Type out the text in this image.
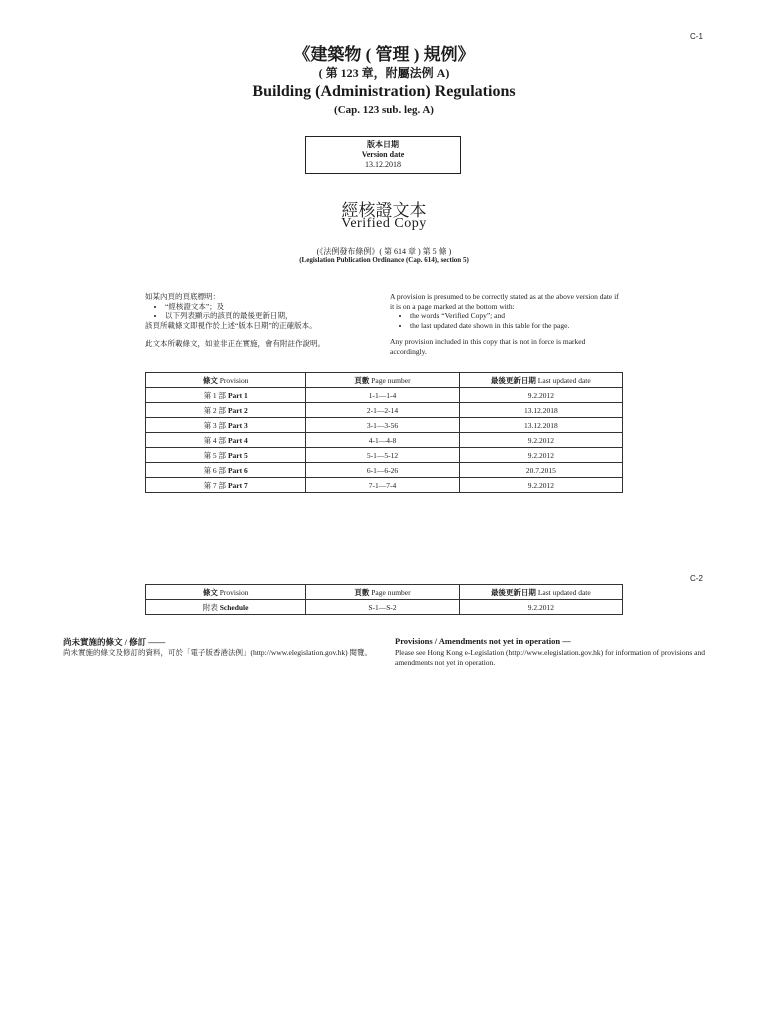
C-1
《建築物 ( 管理 ) 規例》
( 第 123 章，附屬法例 A)
Building (Administration) Regulations
(Cap. 123 sub. leg. A)
版本日期
Version date
13.12.2018
經核證文本
Verified Copy
(《法例發布條例》( 第 614 章 ) 第 5 條 )
(Legislation Publication Ordinance (Cap. 614), section 5)
如某內頁的頁底標明：
• “經核證文本”；及
• 以下列表顯示的該頁的最後更新日期，
該頁所載條文即視作於上述“版本日期”的正確版本。
此文本所載條文，如並非正在實施，會有附註作說明。
A provision is presumed to be correctly stated as at the above version date if it is on a page marked at the bottom with:
• the words “Verified Copy”; and
• the last updated date shown in this table for the page.
Any provision included in this copy that is not in force is marked accordingly.
條文 Provision	頁數 Page number	最後更新日期 Last updated date
第 1 部 Part 1	1-1—1-4	9.2.2012
第 2 部 Part 2	2-1—2-14	13.12.2018
第 3 部 Part 3	3-1—3-56	13.12.2018
第 4 部 Part 4	4-1—4-8	9.2.2012
第 5 部 Part 5	5-1—5-12	9.2.2012
第 6 部 Part 6	6-1—6-26	20.7.2015
第 7 部 Part 7	7-1—7-4	9.2.2012
C-2
條文 Provision	頁數 Page number	最後更新日期 Last updated date
附表 Schedule	S-1—S-2	9.2.2012
尚未實施的條文 / 修訂 ——
尚未實施的條文及修訂的資料，可於「電子版香港法例」(http://www.elegislation.gov.hk) 閱覽。
Provisions / Amendments not yet in operation —
Please see Hong Kong e-Legislation (http://www.elegislation.gov.hk) for information of provisions and amendments not yet in operation.
